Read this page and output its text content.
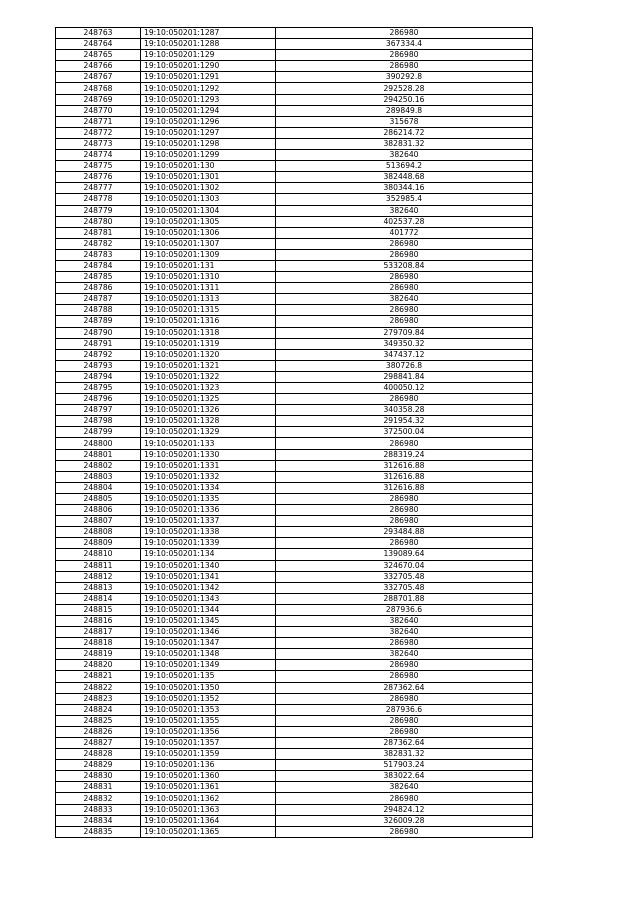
248763	19:10:050201:1287	286980
248764	19:10:050201:1288	367334.4
248765	19:10:050201:129	286980
248766	19:10:050201:1290	286980
248767	19:10:050201:1291	390292.8
248768	19:10:050201:1292	292528.28
248769	19:10:050201:1293	294250.16
248770	19:10:050201:1294	289849.8
248771	19:10:050201:1296	315678
248772	19:10:050201:1297	286214.72
248773	19:10:050201:1298	382831.32
248774	19:10:050201:1299	382640
248775	19:10:050201:130	513694.2
248776	19:10:050201:1301	382448.68
248777	19:10:050201:1302	380344.16
248778	19:10:050201:1303	352985.4
248779	19:10:050201:1304	382640
248780	19:10:050201:1305	402537.28
248781	19:10:050201:1306	401772
248782	19:10:050201:1307	286980
248783	19:10:050201:1309	286980
248784	19:10:050201:131	533208.84
248785	19:10:050201:1310	286980
248786	19:10:050201:1311	286980
248787	19:10:050201:1313	382640
248788	19:10:050201:1315	286980
248789	19:10:050201:1316	286980
248790	19:10:050201:1318	279709.84
248791	19:10:050201:1319	349350.32
248792	19:10:050201:1320	347437.12
248793	19:10:050201:1321	380726.8
248794	19:10:050201:1322	298841.84
248795	19:10:050201:1323	400050.12
248796	19:10:050201:1325	286980
248797	19:10:050201:1326	340358.28
248798	19:10:050201:1328	291954.32
248799	19:10:050201:1329	372500.04
248800	19:10:050201:133	286980
248801	19:10:050201:1330	288319.24
248802	19:10:050201:1331	312616.88
248803	19:10:050201:1332	312616.88
248804	19:10:050201:1334	312616.88
248805	19:10:050201:1335	286980
248806	19:10:050201:1336	286980
248807	19:10:050201:1337	286980
248808	19:10:050201:1338	293484.88
248809	19:10:050201:1339	286980
248810	19:10:050201:134	139089.64
248811	19:10:050201:1340	324670.04
248812	19:10:050201:1341	332705.48
248813	19:10:050201:1342	332705.48
248814	19:10:050201:1343	288701.88
248815	19:10:050201:1344	287936.6
248816	19:10:050201:1345	382640
248817	19:10:050201:1346	382640
248818	19:10:050201:1347	286980
248819	19:10:050201:1348	382640
248820	19:10:050201:1349	286980
248821	19:10:050201:135	286980
248822	19:10:050201:1350	287362.64
248823	19:10:050201:1352	286980
248824	19:10:050201:1353	287936.6
248825	19:10:050201:1355	286980
248826	19:10:050201:1356	286980
248827	19:10:050201:1357	287362.64
248828	19:10:050201:1359	382831.32
248829	19:10:050201:136	517903.24
248830	19:10:050201:1360	383022.64
248831	19:10:050201:1361	382640
248832	19:10:050201:1362	286980
248833	19:10:050201:1363	294824.12
248834	19:10:050201:1364	326009.28
248835	19:10:050201:1365	286980
